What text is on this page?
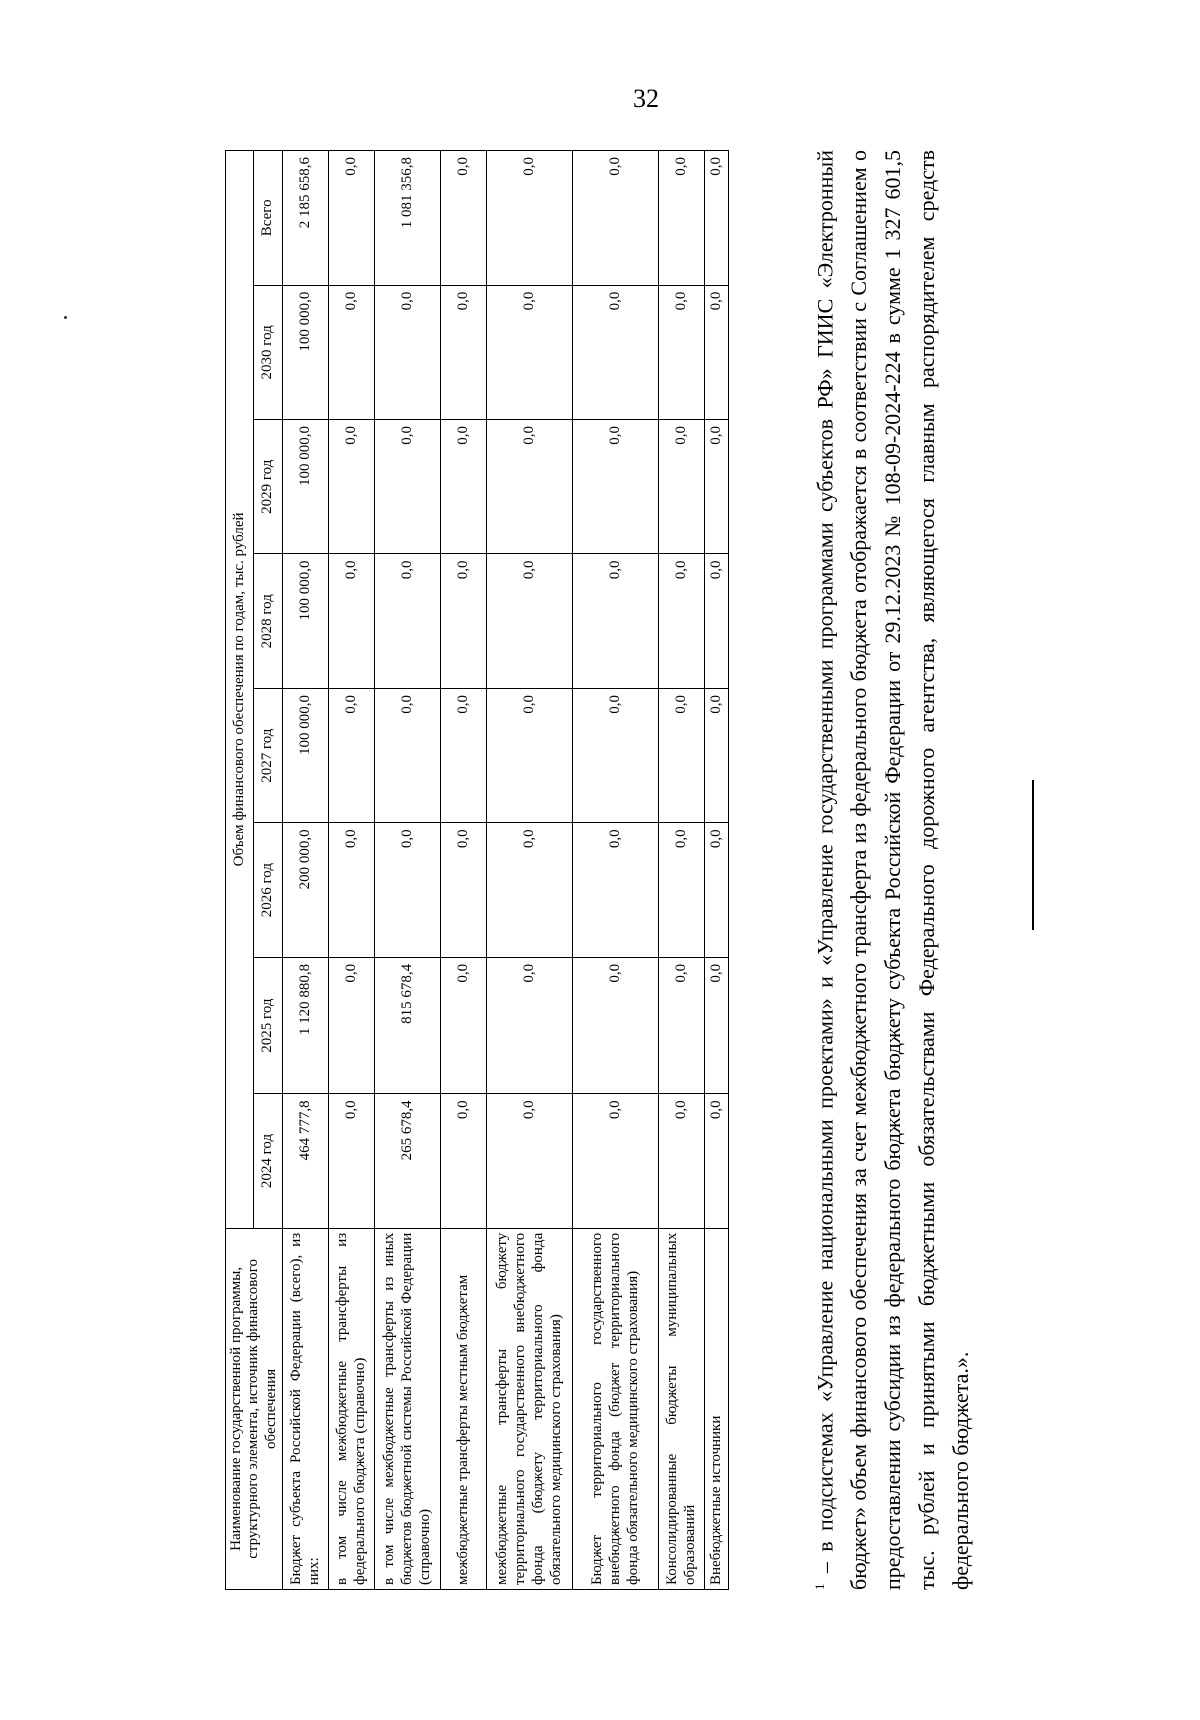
32
Наименование государственной программы, структурного элемента, источник финансового обеспечения	Объем финансового обеспечения по годам, тыс. рублей							
	2024 год	2025 год	2026 год	2027 год	2028 год	2029 год	2030 год	Всего
Бюджет субъекта Российской Федерации (всего), из них:	464 777,8	1 120 880,8	200 000,0	100 000,0	100 000,0	100 000,0	100 000,0	2 185 658,6
в том числе межбюджетные трансферты из федерального бюджета (справочно)	0,0	0,0	0,0	0,0	0,0	0,0	0,0	0,0
в том числе межбюджетные трансферты из иных бюджетов бюджетной системы Российской Федерации (справочно)	265 678,4	815 678,4	0,0	0,0	0,0	0,0	0,0	1 081 356,8
межбюджетные трансферты местным бюджетам	0,0	0,0	0,0	0,0	0,0	0,0	0,0	0,0
межбюджетные трансферты бюджету территориального государственного внебюджетного фонда (бюджету территориального фонда обязательного медицинского страхования)	0,0	0,0	0,0	0,0	0,0	0,0	0,0	0,0
Бюджет территориального государственного внебюджетного фонда (бюджет территориального фонда обязательного медицинского страхования)	0,0	0,0	0,0	0,0	0,0	0,0	0,0	0,0
Консолидированные бюджеты муниципальных образований	0,0	0,0	0,0	0,0	0,0	0,0	0,0	0,0
Внебюджетные источники	0,0	0,0	0,0	0,0	0,0	0,0	0,0	0,0
$^1$ – в подсистемах «Управление национальными проектами» и «Управление государственными программами субъектов РФ» ГИИС «Электронный бюджет» объем финансового обеспечения за счет межбюджетного трансферта из федерального бюджета отображается в соответствии с Соглашением о предоставлении субсидии из федерального бюджета бюджету субъекта Российской Федерации от 29.12.2023 № 108-09-2024-224 в сумме 1 327 601,5 тыс. рублей и принятыми бюджетными обязательствами Федерального дорожного агентства, являющегося главным распорядителем средств федерального бюджета.».
